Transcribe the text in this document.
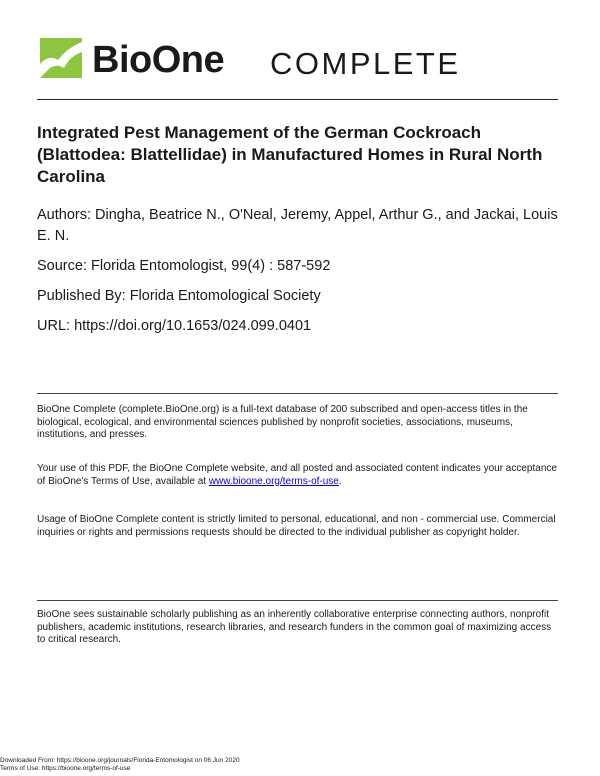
BioOne COMPLETE
Integrated Pest Management of the German Cockroach (Blattodea: Blattellidae) in Manufactured Homes in Rural North Carolina

Authors: Dingha, Beatrice N., O'Neal, Jeremy, Appel, Arthur G., and Jackai, Louis E. N.

Source: Florida Entomologist, 99(4) : 587-592

Published By: Florida Entomological Society

URL: https://doi.org/10.1653/024.099.0401

BioOne Complete (complete.BioOne.org) is a full-text database of 200 subscribed and open-access titles in the biological, ecological, and environmental sciences published by nonprofit societies, associations, museums, institutions, and presses.

Your use of this PDF, the BioOne Complete website, and all posted and associated content indicates your acceptance of BioOne's Terms of Use, available at www.bioone.org/terms-of-use.

Usage of BioOne Complete content is strictly limited to personal, educational, and non - commercial use. Commercial inquiries or rights and permissions requests should be directed to the individual publisher as copyright holder.

BioOne sees sustainable scholarly publishing as an inherently collaborative enterprise connecting authors, nonprofit publishers, academic institutions, research libraries, and research funders in the common goal of maximizing access to critical research.

Downloaded From: https://bioone.org/journals/Florida-Entomologist on 06 Jun 2020
Terms of Use: https://bioone.org/terms-of-use
